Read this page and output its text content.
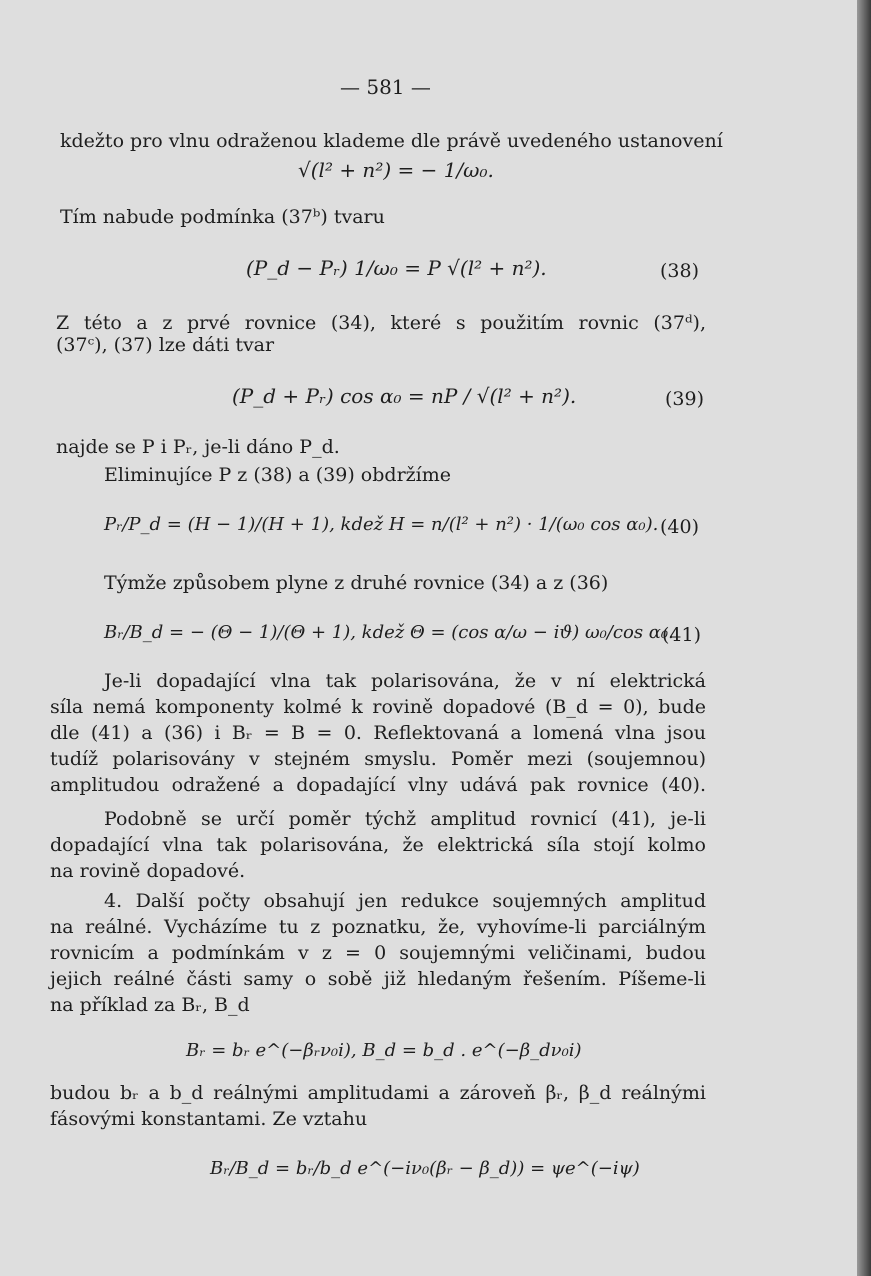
— 581 —
kdežto pro vlnu odraženou klademe dle právě uvedeného ustanovení
√(l² + n²) = − 1/ω₀.
Tím nabude podmínka (37ᵇ) tvaru
(P_d − Pᵣ) 1/ω₀ = P √(l² + n²).	(38)
Z této a z prvé rovnice (34), které s použitím rovnic (37ᵈ),
(37ᶜ), (37) lze dáti tvar
(P_d + Pᵣ) cos α₀ = nP / √(l² + n²).	(39)
najde se P i Pᵣ, je-li dáno P_d.
Eliminujíce P z (38) a (39) obdržíme
Pᵣ/P_d = (H − 1)/(H + 1), kdež H = n/(l² + n²) · 1/(ω₀ cos α₀). (40)
Týmže způsobem plyne z druhé rovnice (34) a z (36)
Bᵣ/B_d = − (Θ − 1)/(Θ + 1), kdež Θ = (cos α/ω − iϑ) ω₀/cos α₀.
(41)
Je-li dopadající vlna tak polarisována, že v ní elektrická
síla nemá komponenty kolmé k rovině dopadové (B_d = 0), bude
dle (41) a (36) i Bᵣ = B = 0. Reflektovaná a lomená vlna jsou
tudíž polarisovány v stejném smyslu. Poměr mezi (soujemnou)
amplitudou odražené a dopadající vlny udává pak rovnice (40).
Podobně se určí poměr týchž amplitud rovnicí (41), je-li
dopadající vlna tak polarisována, že elektrická síla stojí kolmo
na rovině dopadové.
4. Další počty obsahují jen redukce soujemných amplitud
na reálné. Vycházíme tu z poznatku, že, vyhovíme-li parciálným
rovnicím a podmínkám v z = 0 soujemnými veličinami, budou
jejich reálné části samy o sobě již hledaným řešením. Píšeme-li
na příklad za Bᵣ, B_d
Bᵣ = bᵣ e^(−βᵣν₀i), B_d = b_d . e^(−β_dν₀i)
budou bᵣ a b_d reálnými amplitudami a zároveň βᵣ, β_d reálnými
fásovými konstantami. Ze vztahu
Bᵣ/B_d = bᵣ/b_d e^(−iν₀(βᵣ − β_d)) = ψe^(−iψ)
